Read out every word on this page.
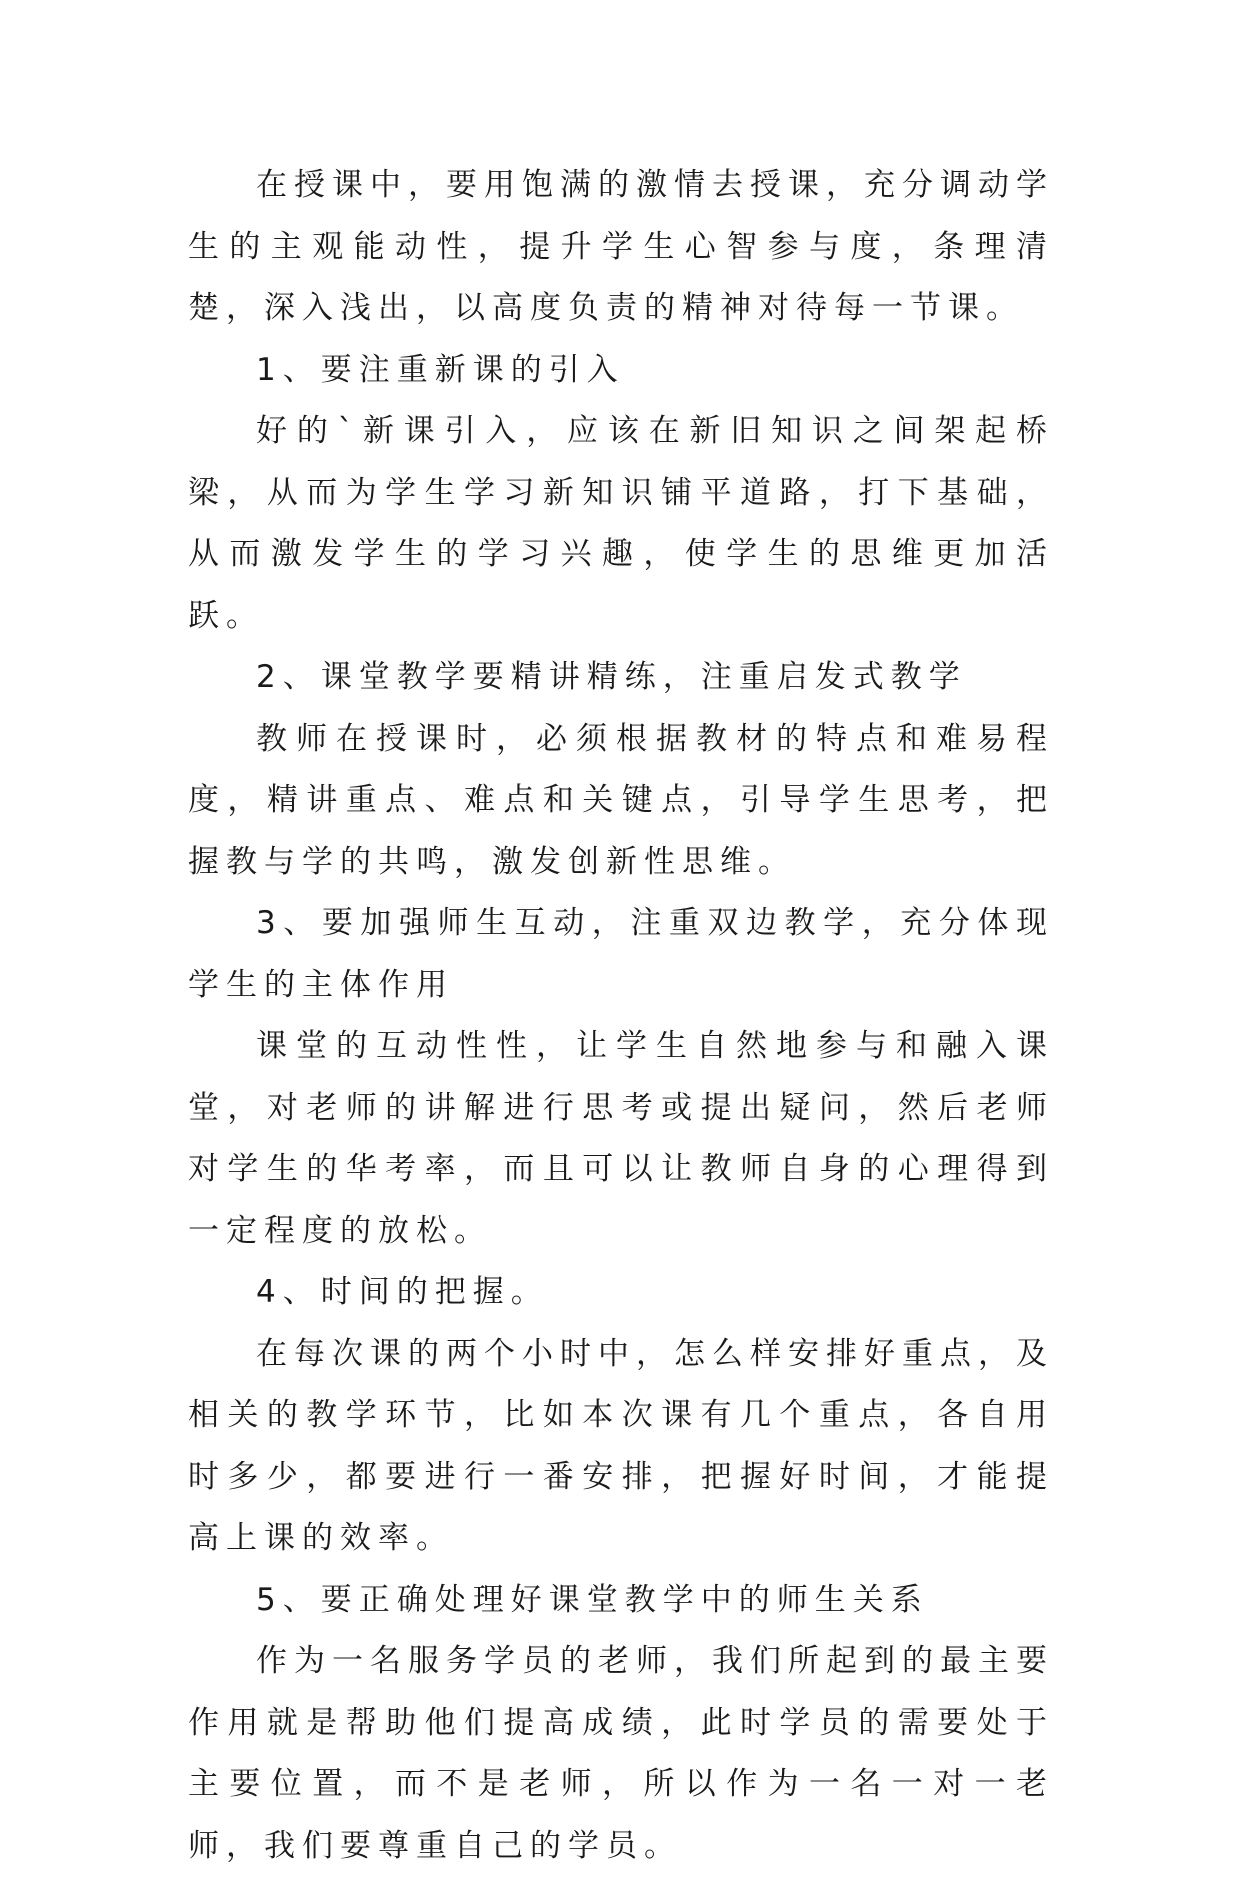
在授课中，要用饱满的激情去授课，充分调动学生的主观能动性，提升学生心智参与度，条理清楚，深入浅出，以高度负责的精神对待每一节课。

1、要注重新课的引入

好的`新课引入，应该在新旧知识之间架起桥梁，从而为学生学习新知识铺平道路，打下基础，从而激发学生的学习兴趣，使学生的思维更加活跃。

2、课堂教学要精讲精练，注重启发式教学

教师在授课时，必须根据教材的特点和难易程度，精讲重点、难点和关键点，引导学生思考，把握教与学的共鸣，激发创新性思维。

3、要加强师生互动，注重双边教学，充分体现学生的主体作用

课堂的互动性性，让学生自然地参与和融入课堂，对老师的讲解进行思考或提出疑问，然后老师对学生的华考率，而且可以让教师自身的心理得到一定程度的放松。

4、时间的把握。

在每次课的两个小时中，怎么样安排好重点，及相关的教学环节，比如本次课有几个重点，各自用时多少，都要进行一番安排，把握好时间，才能提高上课的效率。

5、要正确处理好课堂教学中的师生关系

作为一名服务学员的老师，我们所起到的最主要作用就是帮助他们提高成绩，此时学员的需要处于主要位置，而不是老师，所以作为一名一对一老师，我们要尊重自己的学员。
